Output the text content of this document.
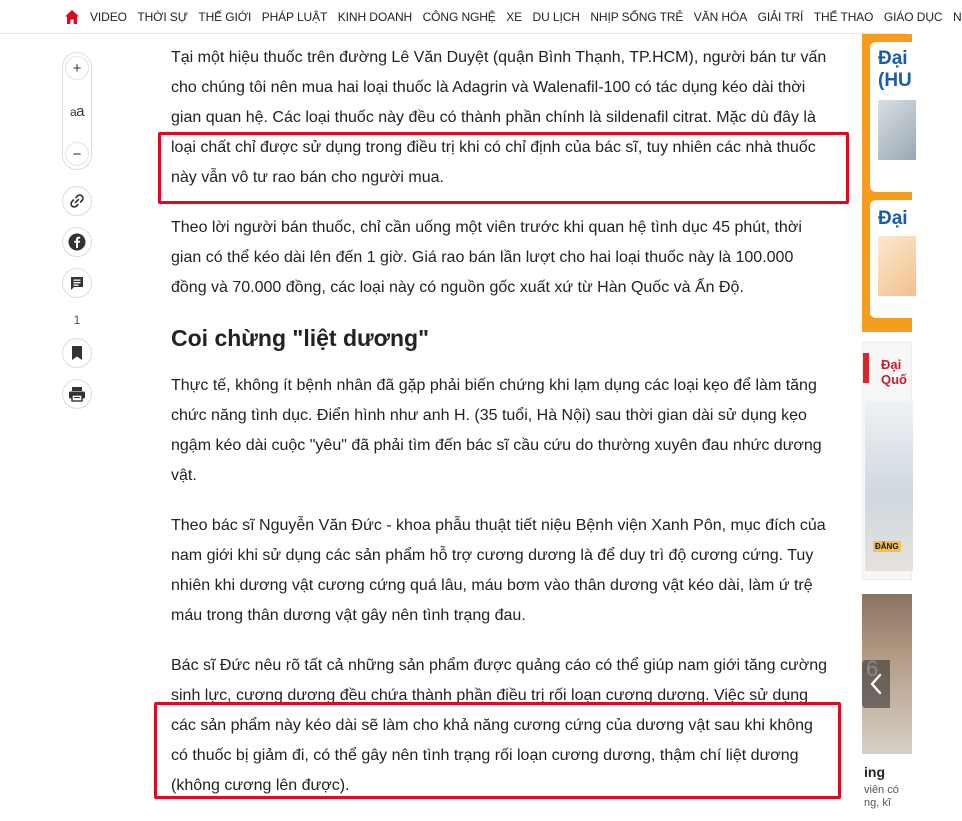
VIDEO THỜI SỰ THẾ GIỚI PHÁP LUẬT KINH DOANH CÔNG NGHỆ XE DU LỊCH NHỊP SỐNG TRẺ VĂN HÓA GIẢI TRÍ THỂ THAO GIÁO DỤC N
+
aa
−
1

Tại một hiệu thuốc trên đường Lê Văn Duyệt (quận Bình Thạnh, TP.HCM), người bán tư vấn cho chúng tôi nên mua hai loại thuốc là Adagrin và Walenafil-100 có tác dụng kéo dài thời gian quan hệ. Các loại thuốc này đều có thành phần chính là sildenafil citrat. Mặc dù đây là loại chất chỉ được sử dụng trong điều trị khi có chỉ định của bác sĩ, tuy nhiên các nhà thuốc này vẫn vô tư rao bán cho người mua.

Theo lời người bán thuốc, chỉ cần uống một viên trước khi quan hệ tình dục 45 phút, thời gian có thể kéo dài lên đến 1 giờ. Giá rao bán lần lượt cho hai loại thuốc này là 100.000 đồng và 70.000 đồng, các loại này có nguồn gốc xuất xứ từ Hàn Quốc và Ấn Độ.

Coi chừng "liệt dương"

Thực tế, không ít bệnh nhân đã gặp phải biến chứng khi lạm dụng các loại kẹo để làm tăng chức năng tình dục. Điển hình như anh H. (35 tuổi, Hà Nội) sau thời gian dài sử dụng kẹo ngậm kéo dài cuộc "yêu" đã phải tìm đến bác sĩ cầu cứu do thường xuyên đau nhức dương vật.

Theo bác sĩ Nguyễn Văn Đức - khoa phẫu thuật tiết niệu Bệnh viện Xanh Pôn, mục đích của nam giới khi sử dụng các sản phẩm hỗ trợ cương dương là để duy trì độ cương cứng. Tuy nhiên khi dương vật cương cứng quá lâu, máu bơm vào thân dương vật kéo dài, làm ứ trệ máu trong thân dương vật gây nên tình trạng đau.

Bác sĩ Đức nêu rõ tất cả những sản phẩm được quảng cáo có thể giúp nam giới tăng cường sinh lực, cương dương đều chứa thành phần điều trị rối loạn cương dương. Việc sử dụng các sản phẩm này kéo dài sẽ làm cho khả năng cương cứng của dương vật sau khi không có thuốc bị giảm đi, có thể gây nên tình trạng rối loạn cương dương, thậm chí liệt dương (không cương lên được).

Đại
(HU
Đại
Đại
Quố
ĐĂNG
ing
viên có
ng, kĩ
